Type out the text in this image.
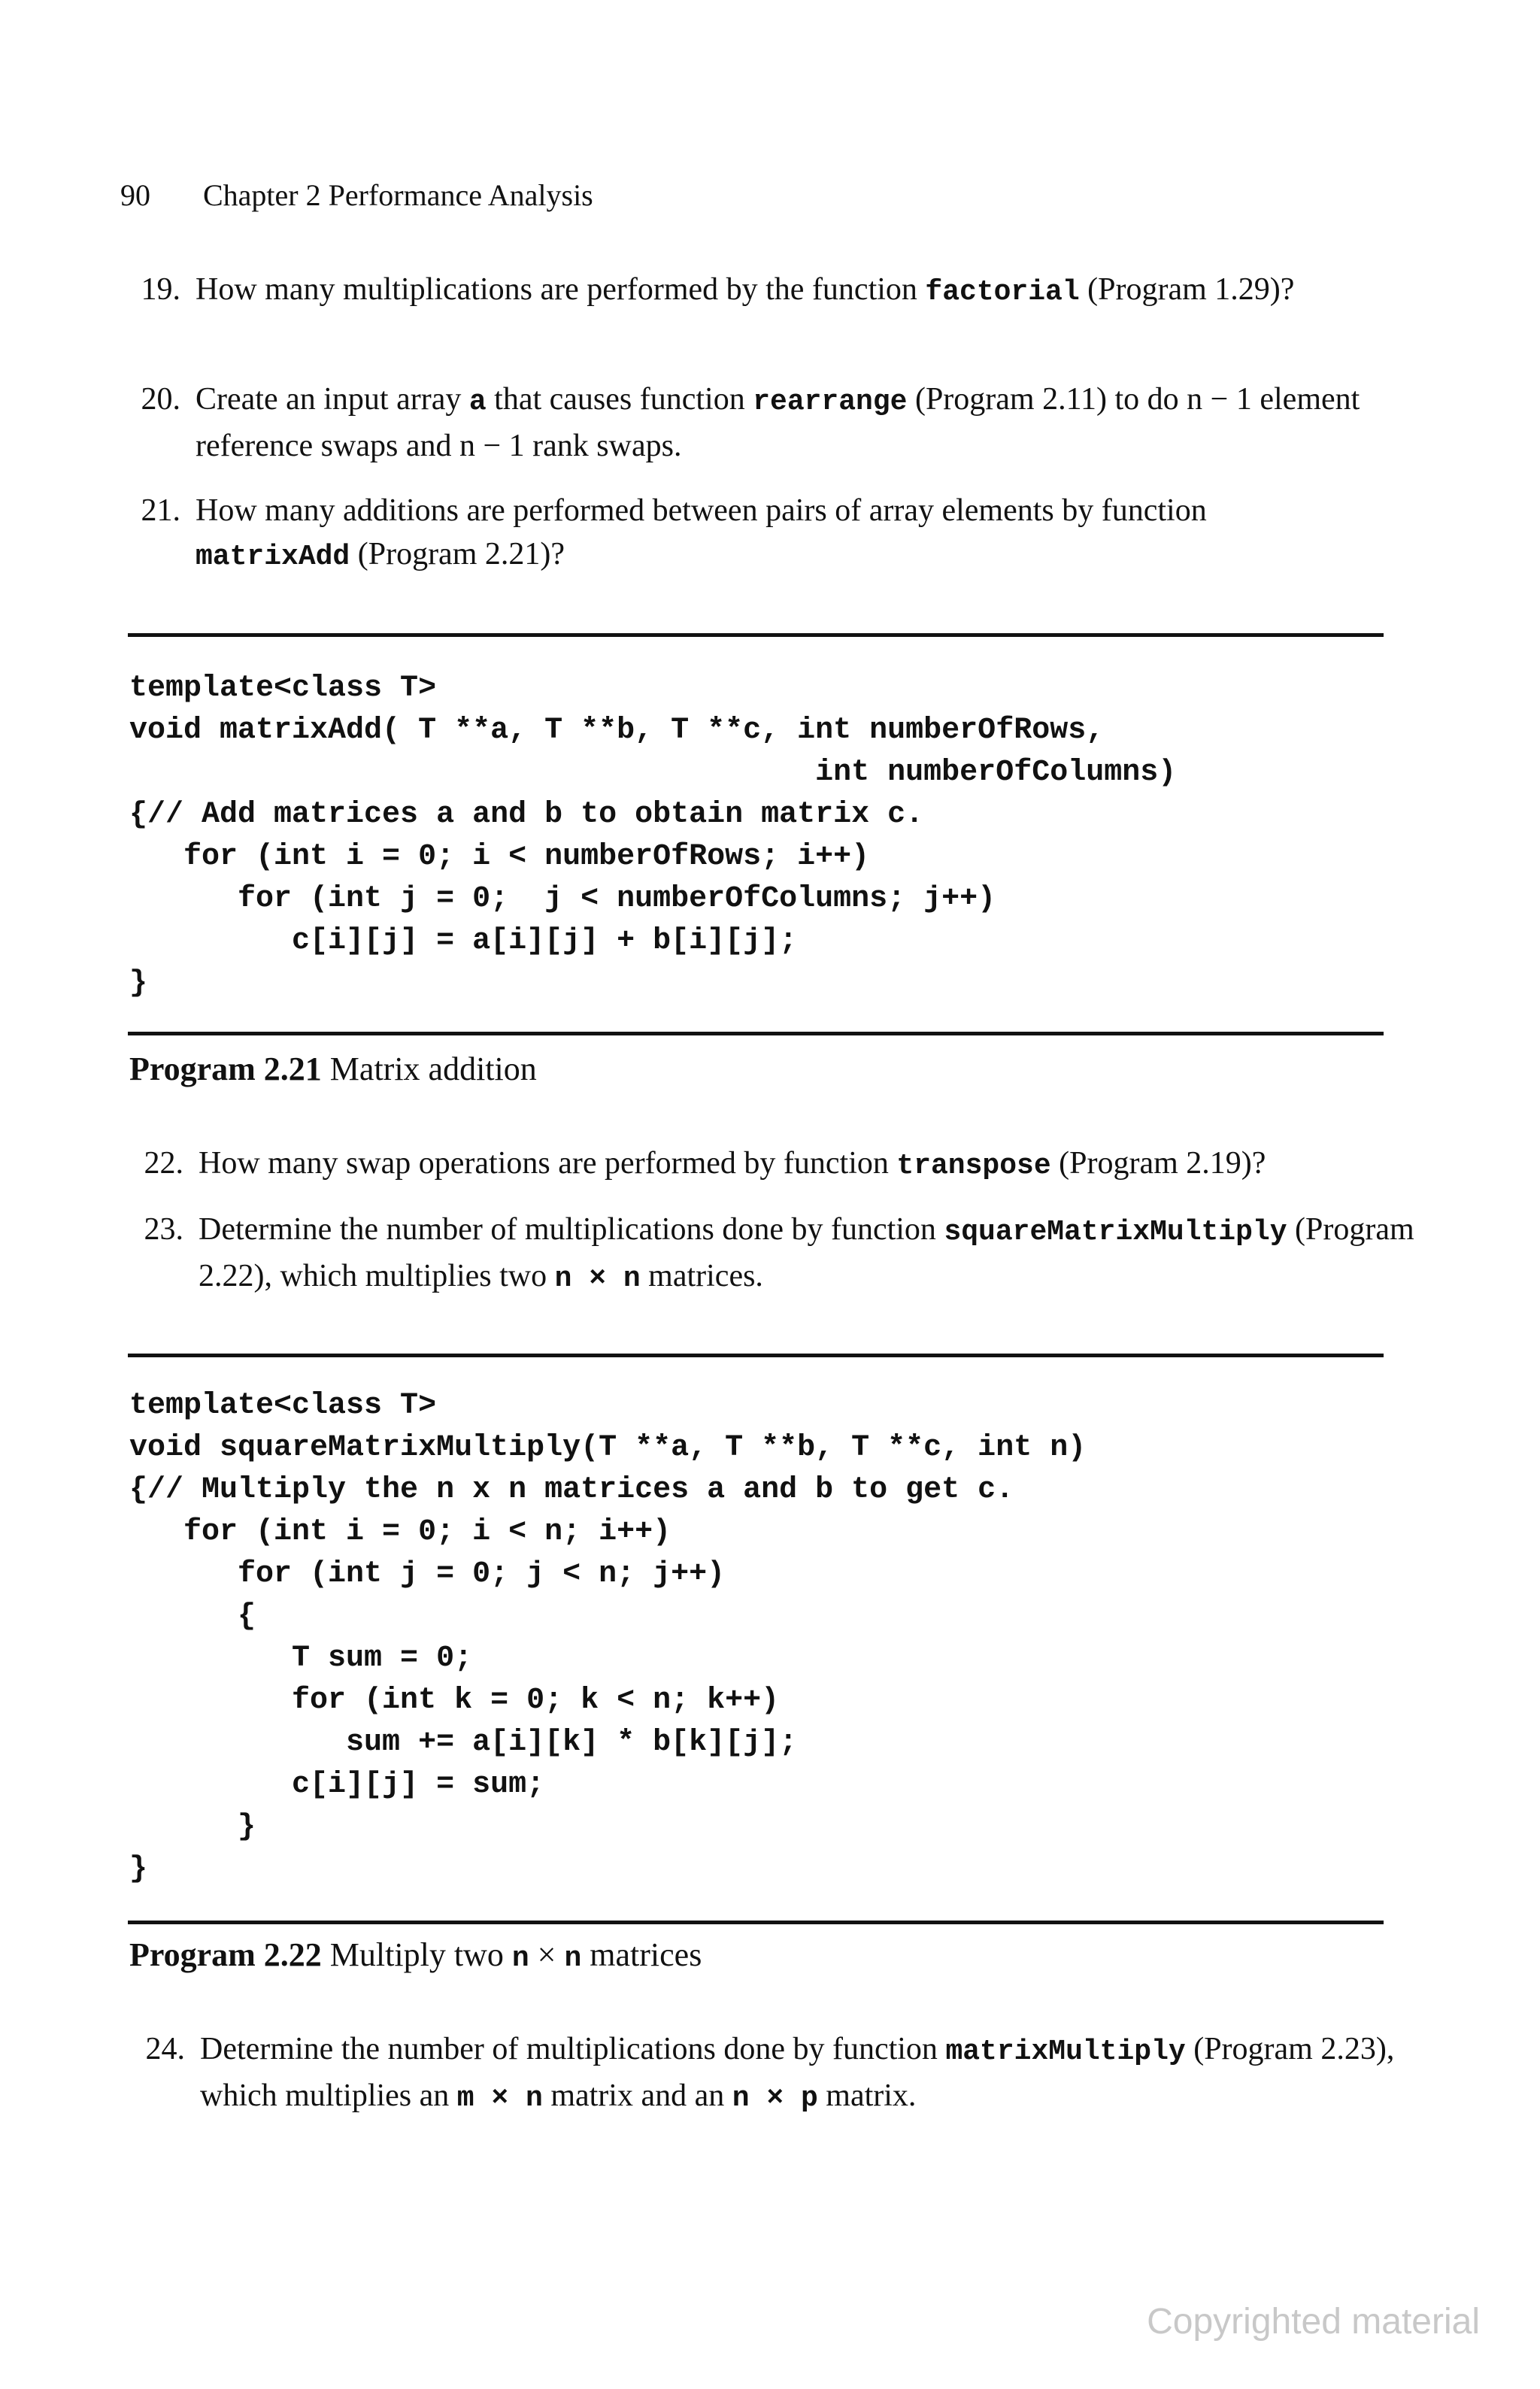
90 Chapter 2 Performance Analysis
19. How many multiplications are performed by the function factorial (Program 1.29)?
20. Create an input array a that causes function rearrange (Program 2.11) to do n − 1 element reference swaps and n − 1 rank swaps.
21. How many additions are performed between pairs of array elements by function matrixAdd (Program 2.21)?
template<class T>
void matrixAdd( T **a, T **b, T **c, int numberOfRows,
int numberOfColumns)
{// Add matrices a and b to obtain matrix c.
for (int i = 0; i < numberOfRows; i++)
for (int j = 0;  j < numberOfColumns; j++)
c[i][j] = a[i][j] + b[i][j];
}
Program 2.21 Matrix addition
22. How many swap operations are performed by function transpose (Program 2.19)?
23. Determine the number of multiplications done by function squareMatrixMultiply (Program 2.22), which multiplies two n × n matrices.
template<class T>
void squareMatrixMultiply(T **a, T **b, T **c, int n)
{// Multiply the n x n matrices a and b to get c.
for (int i = 0; i < n; i++)
for (int j = 0; j < n; j++)
{
T sum = 0;
for (int k = 0; k < n; k++)
sum += a[i][k] * b[k][j];
c[i][j] = sum;
}
}
Program 2.22 Multiply two n × n matrices
24. Determine the number of multiplications done by function matrixMultiply (Program 2.23), which multiplies an m × n matrix and an n × p matrix.
Copyrighted material
